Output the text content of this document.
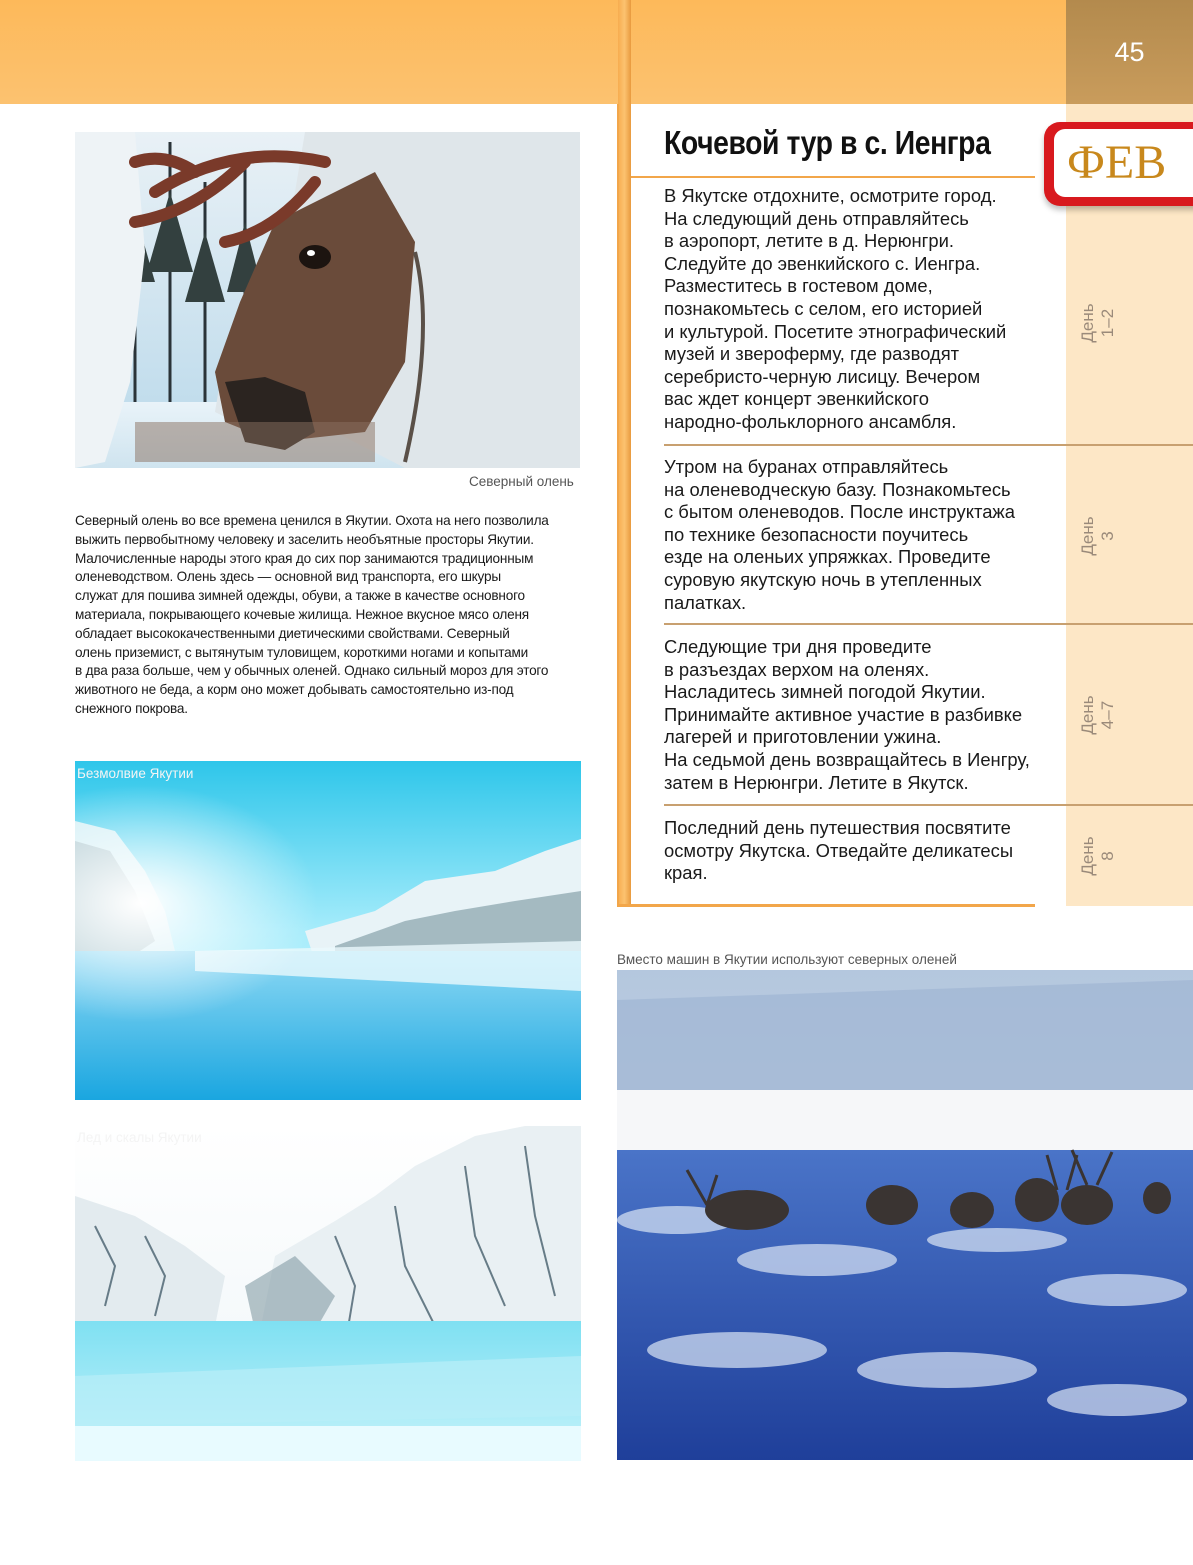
45
ФЕВ
Кочевой тур в с. Иенгра

В Якутске отдохните, осмотрите город.

На следующий день отправляйтесь

в аэропорт, летите в д. Нерюнгри.

Следуйте до эвенкийского с. Иенгра.

Разместитесь в гостевом доме,

познакомьтесь с селом, его историей

и культурой. Посетите этнографический

музей и звероферму, где разводят

серебристо-черную лисицу. Вечером

вас ждет концерт эвенкийского

народно-фольклорного ансамбля.

День 1–2

Утром на буранах отправляйтесь

на оленеводческую базу. Познакомьтесь

с бытом оленеводов. После инструктажа

по технике безопасности поучитесь

езде на оленьих упряжках. Проведите

суровую якутскую ночь в утепленных

палатках.

День 3

Следующие три дня проведите

в разъездах верхом на оленях.

Насладитесь зимней погодой Якутии.

Принимайте активное участие в разбивке

лагерей и приготовлении ужина.

На седьмой день возвращайтесь в Иенгру,

затем в Нерюнгри. Летите в Якутск.

День 4–7

Последний день путешествия посвятите

осмотру Якутска. Отведайте деликатесы

края.	День 8
Северный олень

Северный олень во все времена ценился в Якутии. Охота на него позволила

выжить первобытному человеку и заселить необъятные просторы Якутии.

Малочисленные народы этого края до сих пор занимаются традиционным

оленеводством. Олень здесь — основной вид транспорта, его шкуры

служат для пошива зимней одежды, обуви, а также в качестве основного

материала, покрывающего кочевые жилища. Нежное вкусное мясо оленя

обладает высококачественными диетическими свойствами. Северный

олень приземист, с вытянутым туловищем, короткими ногами и копытами

в два раза больше, чем у обычных оленей. Однако сильный мороз для этого

животного не беда, а корм оно может добывать самостоятельно из-под

снежного покрова.

Безмолвие Якутии
Лед и скалы Якутии
Вместо машин в Якутии используют северных оленей
